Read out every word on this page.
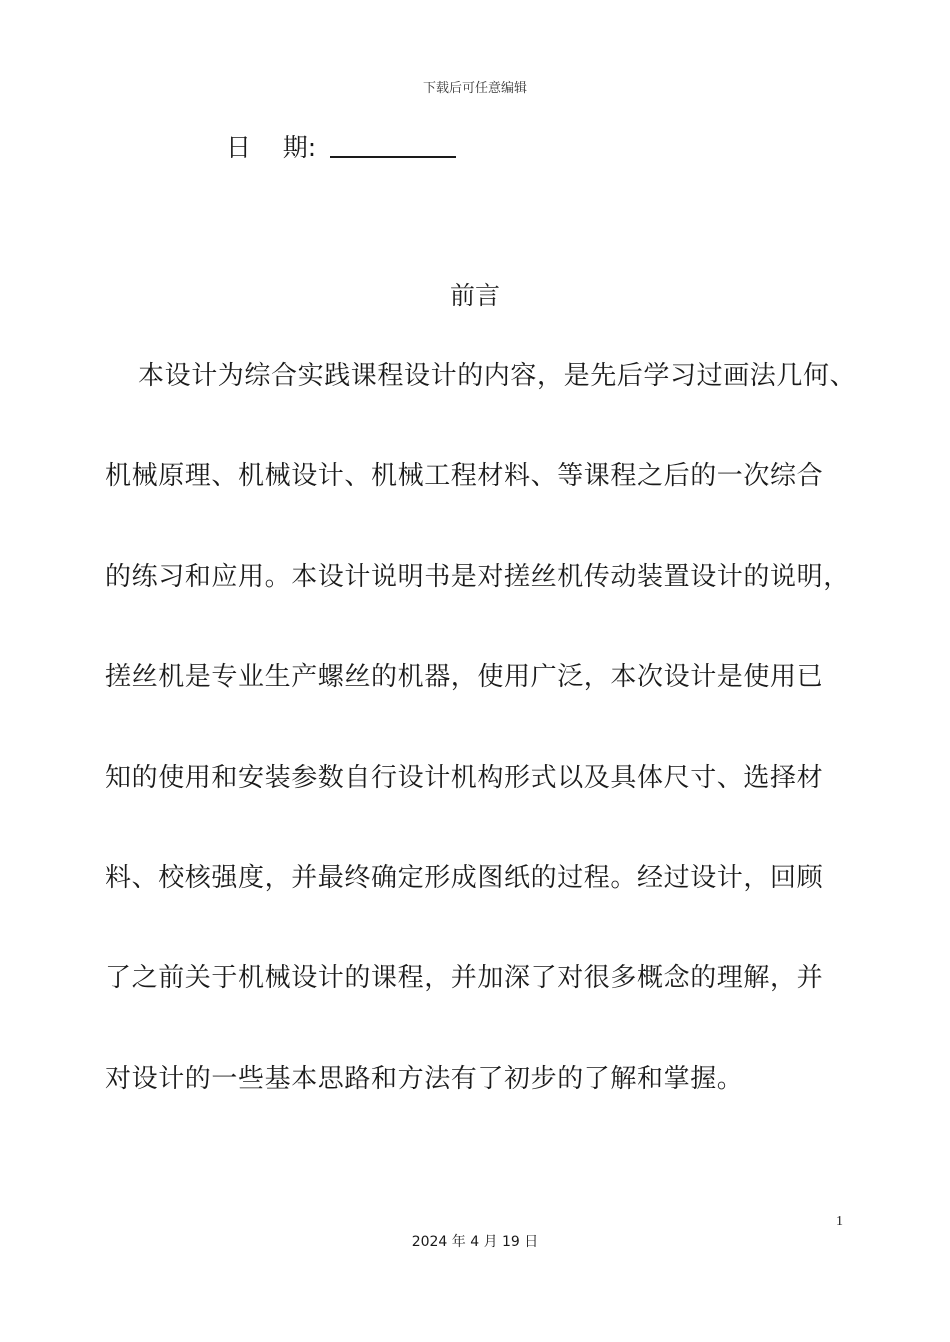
下载后可任意编辑
日    期:
前言
本设计为综合实践课程设计的内容，是先后学习过画法几何、
机械原理、机械设计、机械工程材料、等课程之后的一次综合
的练习和应用。本设计说明书是对搓丝机传动装置设计的说明，
搓丝机是专业生产螺丝的机器，使用广泛，本次设计是使用已
知的使用和安装参数自行设计机构形式以及具体尺寸、选择材
料、校核强度，并最终确定形成图纸的过程。经过设计，回顾
了之前关于机械设计的课程，并加深了对很多概念的理解，并
对设计的一些基本思路和方法有了初步的了解和掌握。
1
2024 年 4 月 19 日
